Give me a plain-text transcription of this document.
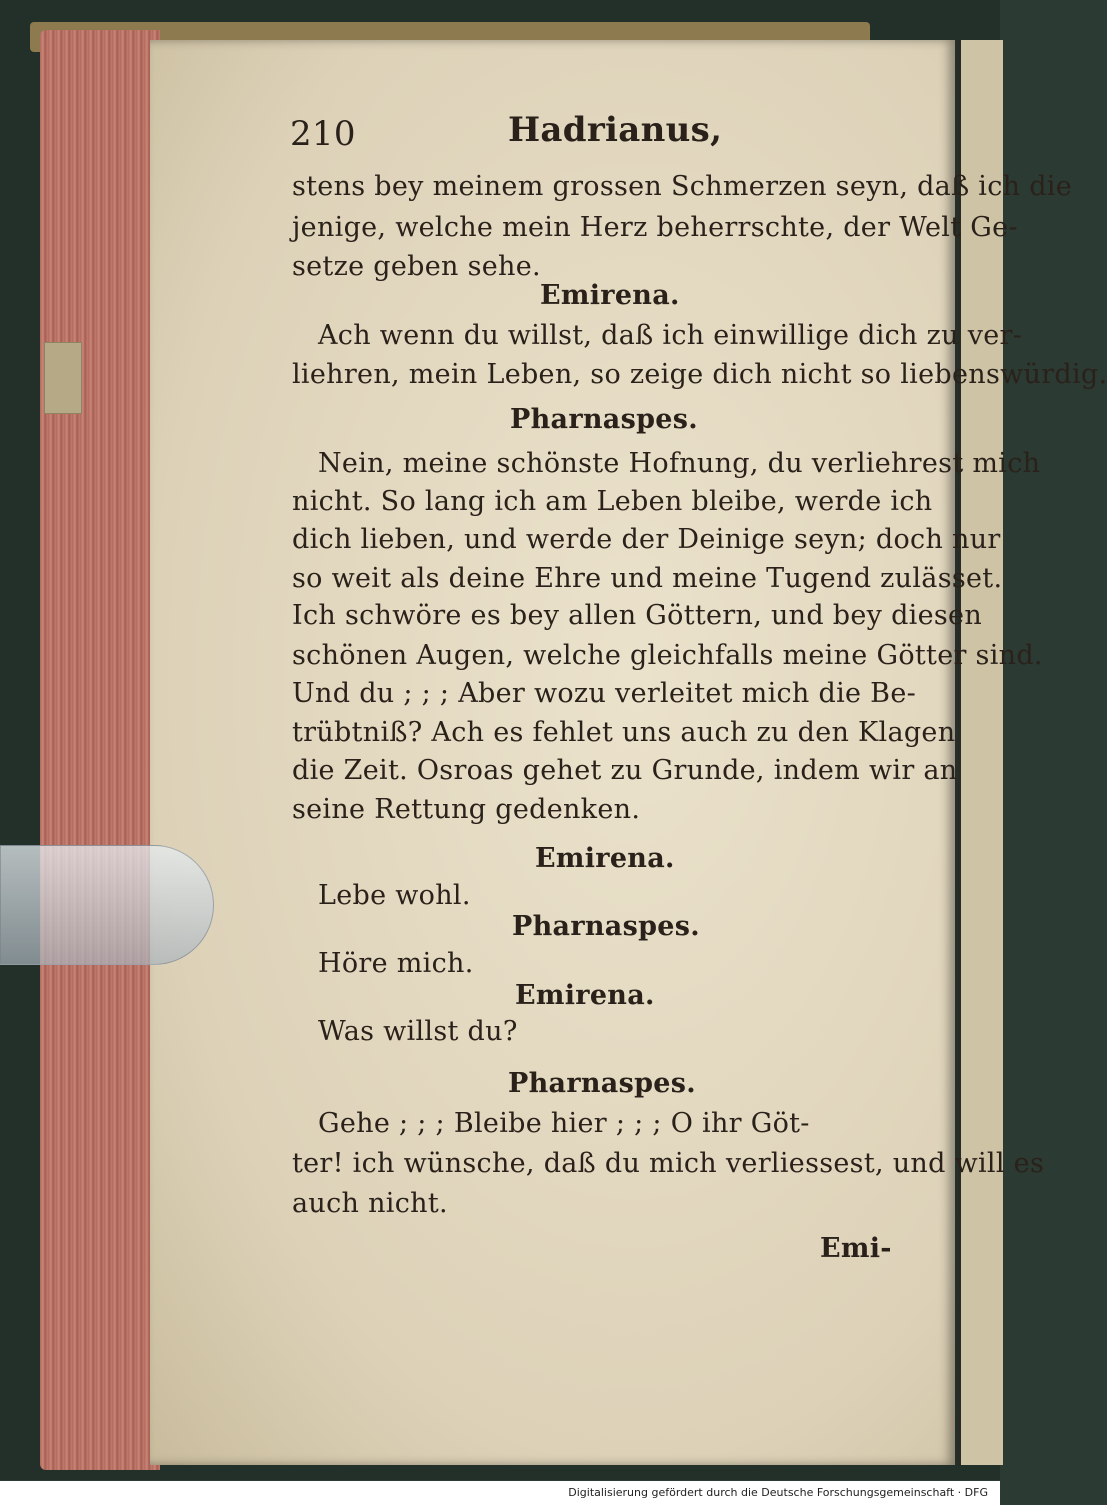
210	Hadrianus,
stens bey meinem grossen Schmerzen seyn, daß ich die
jenige, welche mein Herz beherrschte, der Welt Ge-
setze geben sehe.
Emirena.
Ach wenn du willst, daß ich einwillige dich zu ver-
liehren, mein Leben, so zeige dich nicht so liebenswürdig.
Pharnaspes.
Nein, meine schönste Hofnung, du verliehrest mich
nicht. So lang ich am Leben bleibe, werde ich
dich lieben, und werde der Deinige seyn; doch nur
so weit als deine Ehre und meine Tugend zulässet.
Ich schwöre es bey allen Göttern, und bey diesen
schönen Augen, welche gleichfalls meine Götter sind.
Und du ; ; ; Aber wozu verleitet mich die Be-
trübtniß? Ach es fehlet uns auch zu den Klagen
die Zeit. Osroas gehet zu Grunde, indem wir an
seine Rettung gedenken.
Emirena.
Lebe wohl.
Pharnaspes.
Höre mich.
Emirena.
Was willst du?
Pharnaspes.
Gehe ; ; ; Bleibe hier ; ; ; O ihr Göt-
ter! ich wünsche, daß du mich verliessest, und will es
auch nicht.
Emi-
Digitalisierung gefördert durch die Deutsche Forschungsgemeinschaft · DFG
